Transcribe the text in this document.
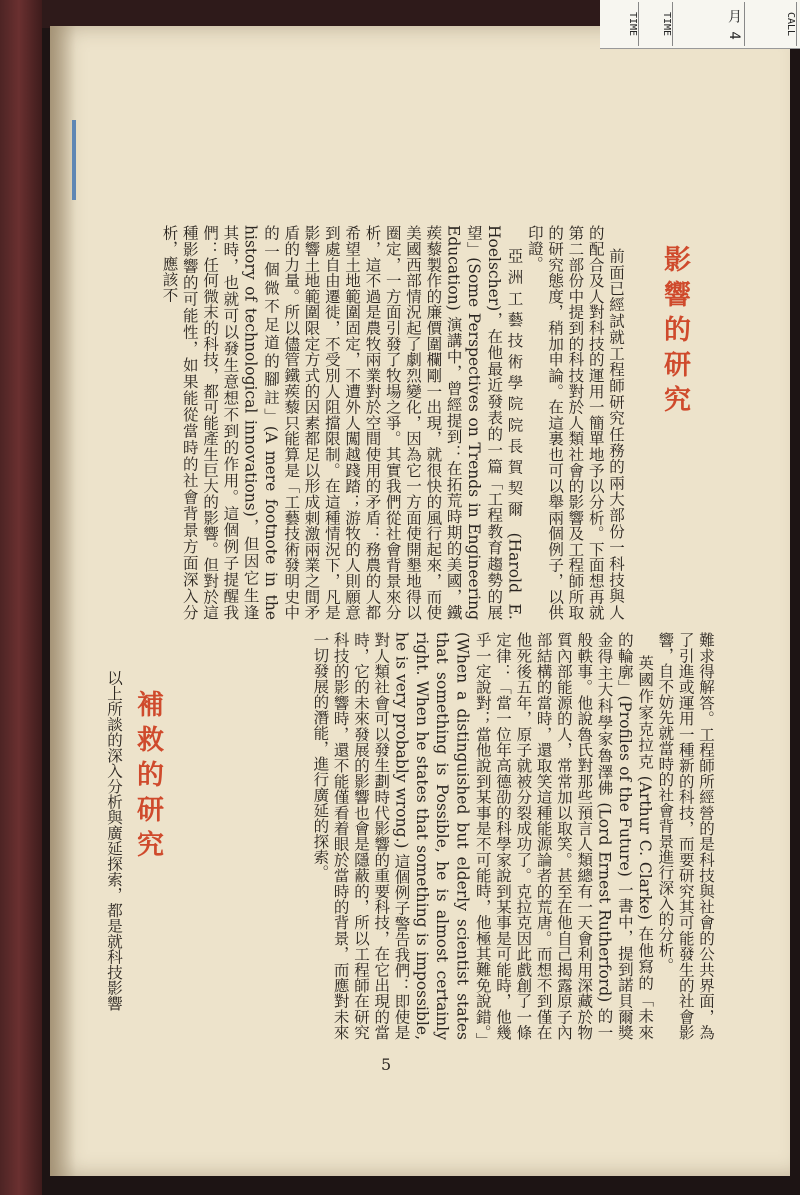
TIME	TIME	月 4	CALL
影響的研究

前面已經試就工程師研究任務的兩大部份一科技與人的配合及人對科技的運用一簡單地予以分析。下面想再就第二部份中提到的科技對於人類社會的影響及工程師所取的研究態度，稍加申論。在這裏也可以舉兩個例子，以供印證。

亞洲工藝技術學院院長賀契爾 (Harold E. Hoelscher)，在他最近發表的一篇「工程教育趨勢的展望」(Some Perspectives on Trends in Engineering Education) 演講中，曾經提到：在拓荒時期的美國，鐵蒺藜製作的廉價圍欄剛一出現，就很快的風行起來，而使美國西部情況起了劇烈變化，因為它一方面使開墾地得以圈定，一方面引發了牧場之爭。其實我們從社會背景來分析，這不過是農牧兩業對於空間使用的矛盾：務農的人都希望土地範圍固定，不遭外人闖越踐踏；游牧的人則願意到處自由遷徙，不受別人阻擋限制。在這種情況下，凡是影響土地範圍限定方式的因素都足以形成刺激兩業之間矛盾的力量。所以儘管鐵蒺藜只能算是「工藝技術發明史中的一個微不足道的腳註」(A mere footnote in the history of technological innovations)，但因它生逢其時，也就可以發生意想不到的作用。這個例子提醒我們：任何微末的科技，都可能產生巨大的影響。但對於這種影響的可能性，如果能從當時的社會背景方面深入分析，應該不

難求得解答。工程師所經營的是科技與社會的公共界面，為了引進或運用一種新的科技，而要研究其可能發生的社會影響，自不妨先就當時的社會背景進行深入的分析。

英國作家克拉克 (Arthur C. Clarke) 在他寫的「未來的輪廓」(Profiles of the Future) 一書中，提到諾貝爾獎金得主大科學家魯澤佛 (Lord Ernest Rutherford) 的一般軼事。他說魯氏對那些預言人類總有一天會利用深藏於物質內部能源的人，常常加以取笑。甚至在他自己揭露原子內部結構的當時，還取笑這種能源論者的荒唐。而想不到僅在他死後五年，原子就被分裂成功了。克拉克因此戲創了一條定律：「當一位年高德劭的科學家說到某事是可能時，他幾乎一定說對；當他說到某事是不可能時，他極其難免說錯。」(When a distinguished but elderly scientist states that something is Possible, he is almost certainly right. When he states that something is impossible, he is very probably wrong.) 這個例子警告我們：即使是對人類社會可以發生劃時代影響的重要科技，在它出現的當時，它的未來發展的影響也會是隱蔽的，所以工程師在研究科技的影響時，還不能僅看着眼於當時的背景，而應對未來一切發展的潛能，進行廣延的探索。

補救的研究

以上所談的深入分析與廣延探索，都是就科技影響

5
